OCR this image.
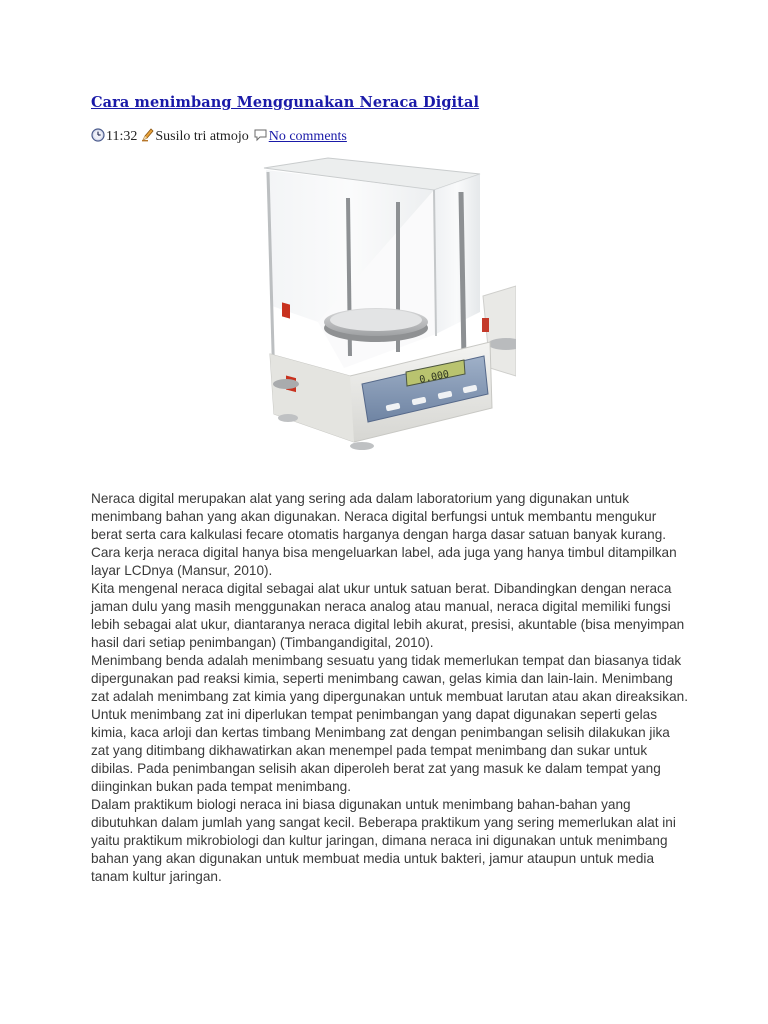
Cara menimbang Menggunakan Neraca Digital
11:32 Susilo tri atmojo No comments
0.000

Neraca digital merupakan alat yang sering ada dalam laboratorium yang digunakan untuk menimbang bahan yang akan digunakan. Neraca digital berfungsi untuk membantu mengukur berat serta cara kalkulasi fecare otomatis harganya dengan harga dasar satuan banyak kurang. Cara kerja neraca digital hanya bisa mengeluarkan label, ada juga yang hanya timbul ditampilkan layar LCDnya (Mansur, 2010).

Kita mengenal neraca digital sebagai alat ukur untuk satuan berat. Dibandingkan dengan neraca jaman dulu yang masih menggunakan neraca analog atau manual, neraca digital memiliki fungsi lebih sebagai alat ukur, diantaranya neraca digital lebih akurat, presisi, akuntable (bisa menyimpan hasil dari setiap penimbangan) (Timbangandigital, 2010).

Menimbang benda adalah menimbang sesuatu yang tidak memerlukan tempat dan biasanya tidak dipergunakan pad reaksi kimia, seperti menimbang cawan, gelas kimia dan lain-lain. Menimbang zat adalah menimbang zat kimia yang dipergunakan untuk membuat larutan atau akan direaksikan. Untuk menimbang zat ini diperlukan tempat penimbangan yang dapat digunakan seperti gelas kimia, kaca arloji dan kertas timbang Menimbang zat dengan penimbangan selisih dilakukan jika zat yang ditimbang dikhawatirkan akan menempel pada tempat menimbang dan sukar untuk dibilas. Pada penimbangan selisih akan diperoleh berat zat yang masuk ke dalam tempat yang diinginkan bukan pada tempat menimbang.

Dalam praktikum biologi neraca ini biasa digunakan untuk menimbang bahan-bahan yang dibutuhkan dalam jumlah yang sangat kecil. Beberapa praktikum yang sering memerlukan alat ini yaitu praktikum mikrobiologi dan kultur jaringan, dimana neraca ini digunakan untuk menimbang bahan yang akan digunakan untuk membuat media untuk bakteri, jamur ataupun untuk media tanam kultur jaringan.
